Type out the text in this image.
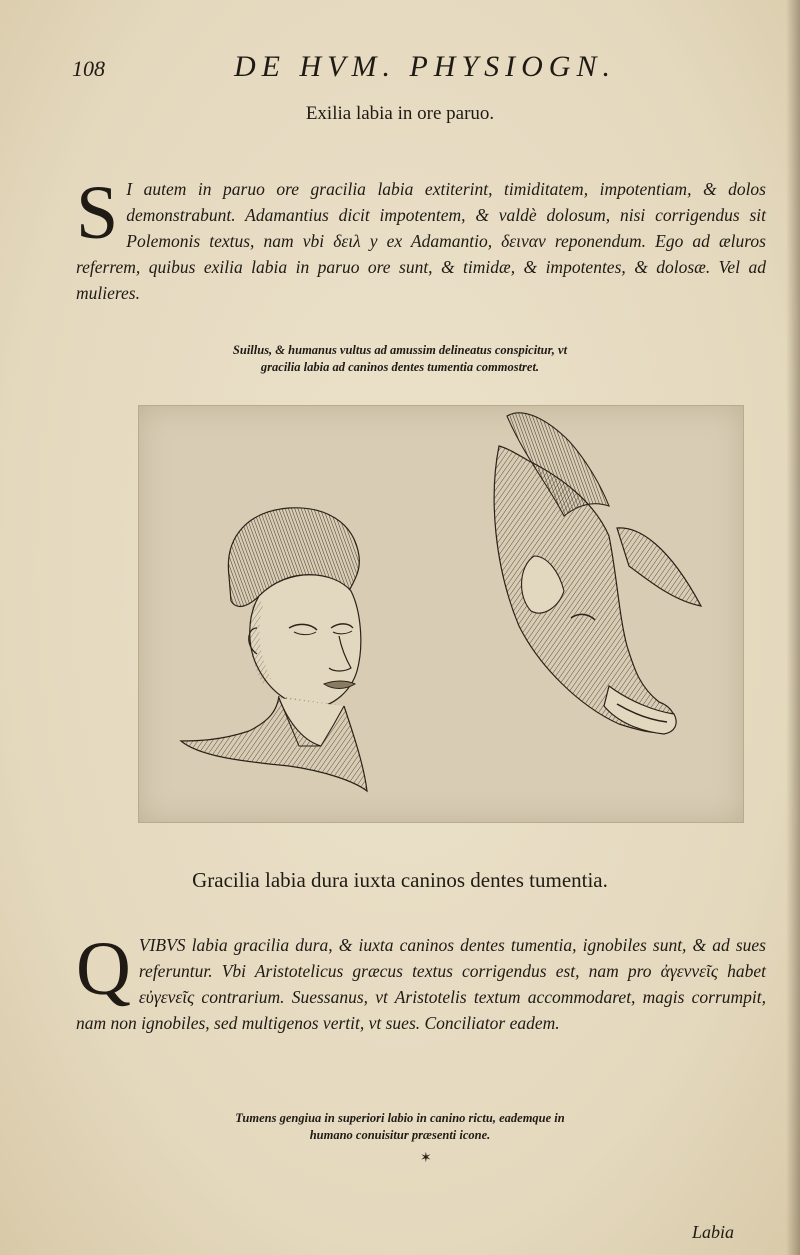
108	DE HVM. PHYSIOGN.
Exilia labia in ore paruo.
S I autem in paruo ore gracilia labia extiterint, timiditatem, impotentiam, & dolos demonstrabunt. Adamantius dicit impotentem, & valdè dolosum, nisi corrigendus sit Polemonis textus, nam vbi δειλ y ex Adamantio, δειναν reponendum. Ego ad æluros referrem, quibus exilia labia in paruo ore sunt, & timidæ, & impotentes, & dolosæ. Vel ad mulieres.

Suillus, & humanus vultus ad amussim delineatus conspicitur, vt
gracilia labia ad caninos dentes tumentia commostret.
Gracilia labia dura iuxta caninos dentes tumentia.
Q VIBVS labia gracilia dura, & iuxta caninos dentes tumentia, ignobiles sunt, & ad sues referuntur. Vbi Aristotelicus græcus textus corrigendus est, nam pro ἀγεννεῖς habet εὐγενεῖς contrarium. Suessanus, vt Aristotelis textum accommodaret, magis corrumpit, nam non ignobiles, sed multigenos vertit, vt sues. Conciliator eadem.

Tumens gengiua in superiori labio in canino rictu, eademque in
humano conuisitur præsenti icone.
✶
Labia
